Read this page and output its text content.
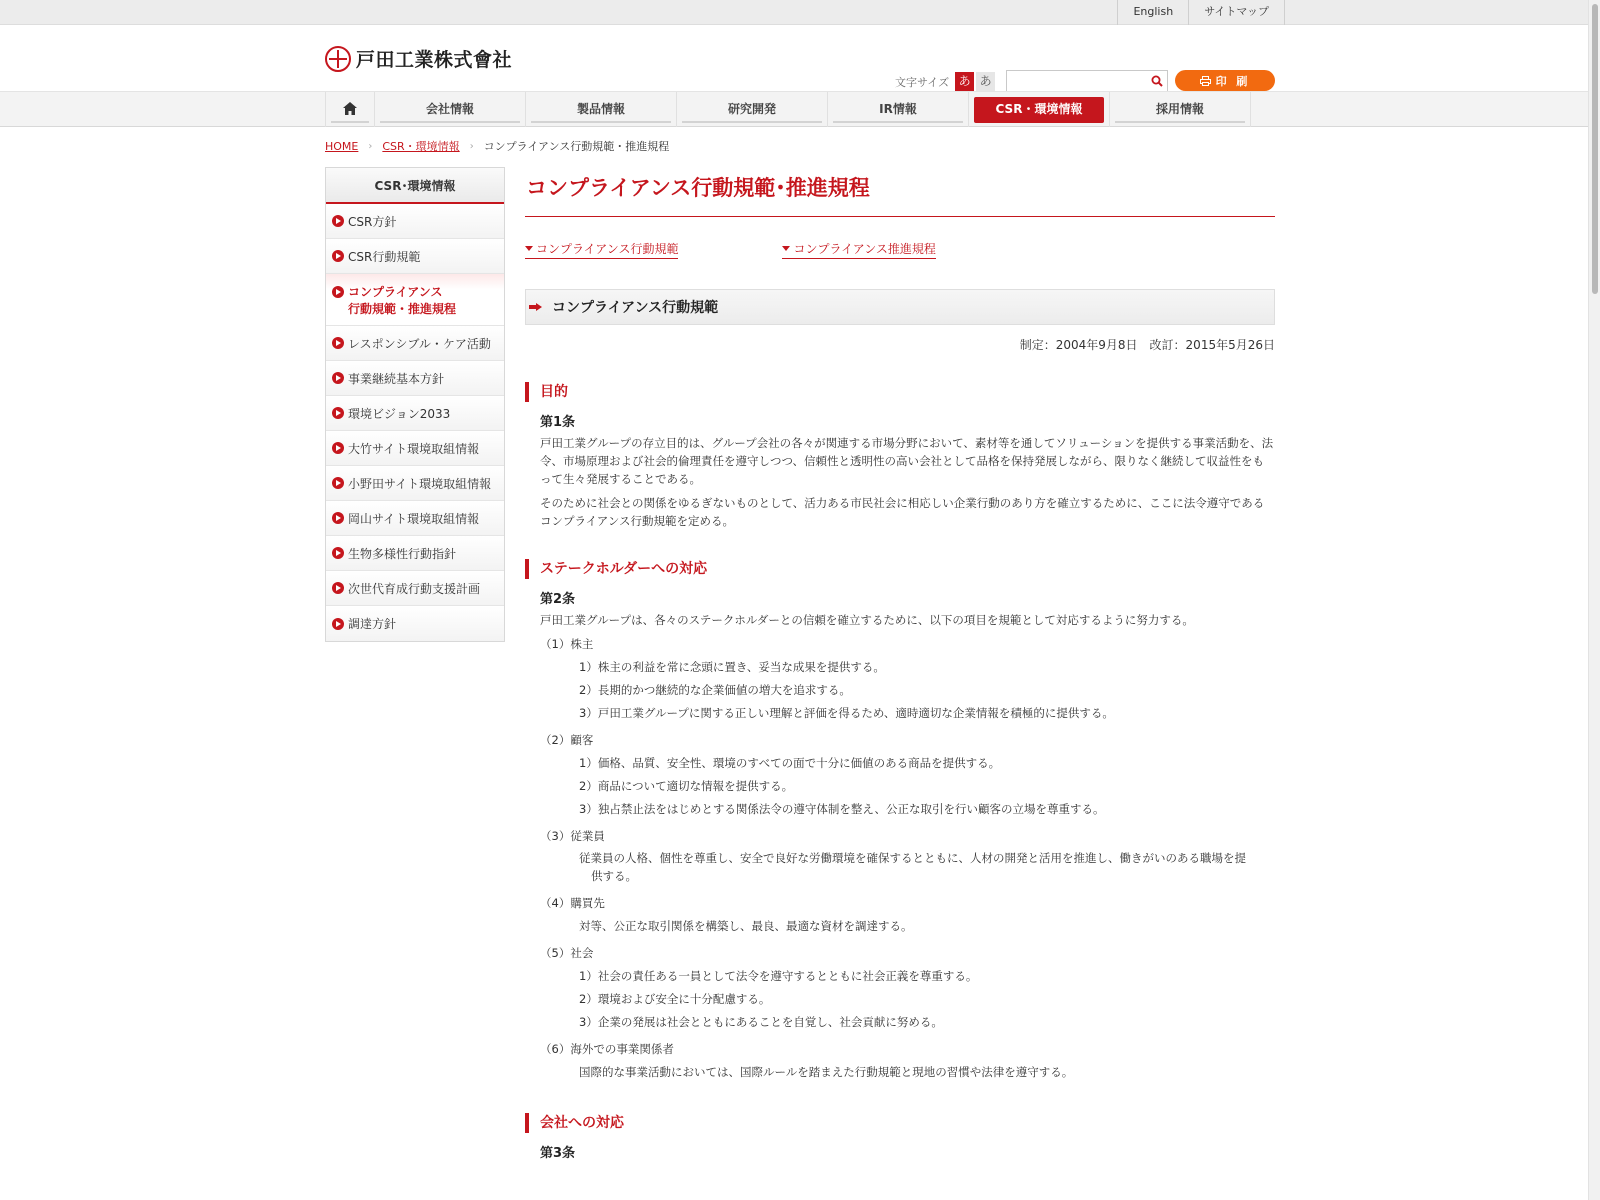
English	サイトマップ
戸田工業株式會社
文字サイズ あ あ	印 刷
会社情報	製品情報	研究開発	IR情報	CSR・環境情報	採用情報
HOME › CSR・環境情報 › コンプライアンス行動規範・推進規程
CSR･環境情報
CSR方針
CSR行動規範
コンプライアンス
行動規範・推進規程
レスポンシブル・ケア活動
事業継続基本方針
環境ビジョン2033
大竹サイト環境取組情報
小野田サイト環境取組情報
岡山サイト環境取組情報
生物多様性行動指針
次世代育成行動支援計画
調達方針
コンプライアンス行動規範･推進規程
コンプライアンス行動規範	コンプライアンス推進規程
コンプライアンス行動規範
制定：2004年9月8日　改訂：2015年5月26日
目的
第1条

戸田工業グループの存立目的は、グループ会社の各々が関連する市場分野において、素材等を通してソリューションを提供する事業活動を、法令、市場原理および社会的倫理責任を遵守しつつ、信頼性と透明性の高い会社として品格を保持発展しながら、限りなく継続して収益性をもって生々発展することである。

そのために社会との関係をゆるぎないものとして、活力ある市民社会に相応しい企業行動のあり方を確立するために、ここに法令遵守であるコンプライアンス行動規範を定める。

ステークホルダーへの対応
第2条

戸田工業グループは、各々のステークホルダーとの信頼を確立するために、以下の項目を規範として対応するように努力する。

（1）株主
1）株主の利益を常に念頭に置き、妥当な成果を提供する。
2）長期的かつ継続的な企業価値の増大を追求する。
3）戸田工業グループに関する正しい理解と評価を得るため、適時適切な企業情報を積極的に提供する。
（2）顧客
1）価格、品質、安全性、環境のすべての面で十分に価値のある商品を提供する。
2）商品について適切な情報を提供する。
3）独占禁止法をはじめとする関係法令の遵守体制を整え、公正な取引を行い顧客の立場を尊重する。
（3）従業員
従業員の人格、個性を尊重し、安全で良好な労働環境を確保するとともに、人材の開発と活用を推進し、働きがいのある職場を提
供する。
（4）購買先
対等、公正な取引関係を構築し、最良、最適な資材を調達する。
（5）社会
1）社会の責任ある一員として法令を遵守するとともに社会正義を尊重する。
2）環境および安全に十分配慮する。
3）企業の発展は社会とともにあることを自覚し、社会貢献に努める。
（6）海外での事業関係者
国際的な事業活動においては、国際ルールを踏まえた行動規範と現地の習慣や法律を遵守する。
会社への対応
第3条
